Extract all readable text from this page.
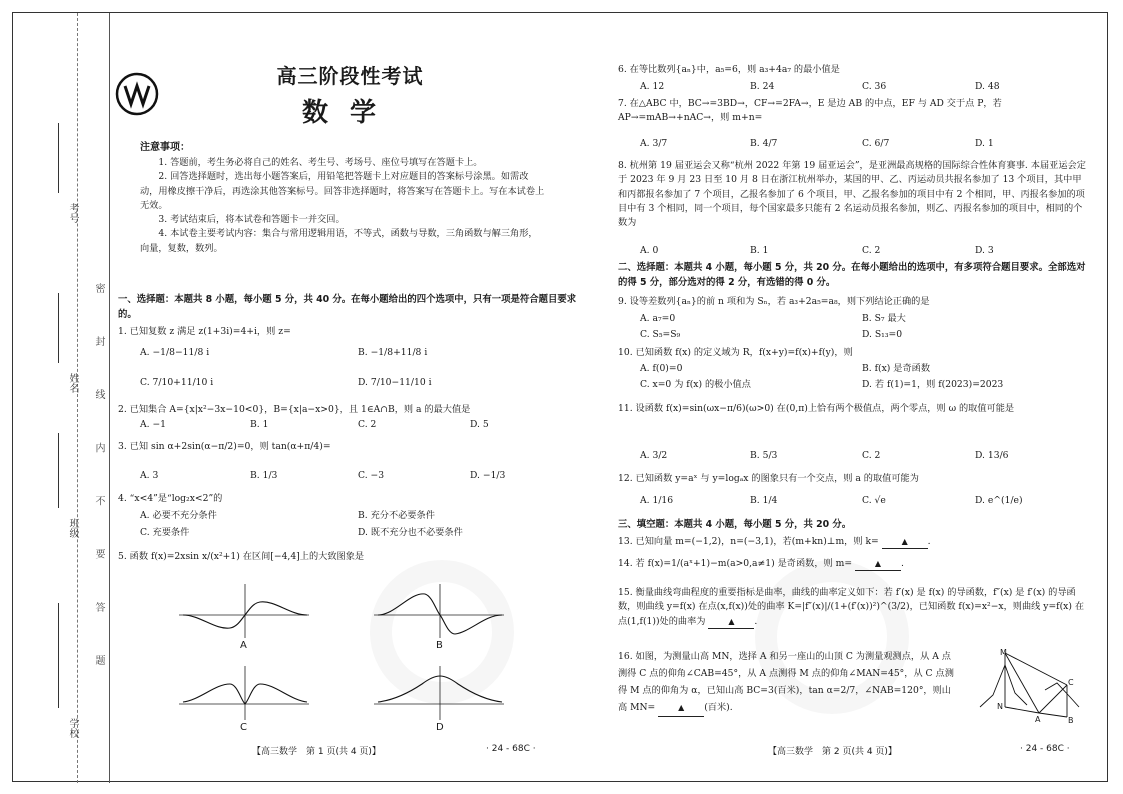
考号
姓名
班级
学校
密 封 线 内 不 要 答 题
高三阶段性考试
数学
注意事项：

1. 答题前，考生务必将自己的姓名、考生号、考场号、座位号填写在答题卡上。

2. 回答选择题时，选出每小题答案后，用铅笔把答题卡上对应题目的答案标号涂黑。如需改动，用橡皮擦干净后，再选涂其他答案标号。回答非选择题时，将答案写在答题卡上。写在本试卷上无效。

3. 考试结束后，将本试卷和答题卡一并交回。

4. 本试卷主要考试内容：集合与常用逻辑用语，不等式，函数与导数，三角函数与解三角形，向量，复数，数列。

一、选择题：本题共 8 小题，每小题 5 分，共 40 分。在每小题给出的四个选项中，只有一项是符合题目要求的。
1. 已知复数 z 满足 z(1+3i)=4+i，则 z=
A. −1/8−11/8 i	B. −1/8+11/8 i
C. 7/10+11/10 i	D. 7/10−11/10 i
2. 已知集合 A={x|x²−3x−10<0}，B={x|a−x>0}，且 1∈A∩B，则 a 的最大值是
A. −1	B. 1	C. 2	D. 5
3. 已知 sin α+2sin(α−π/2)=0，则 tan(α+π/4)=
A. 3	B. 1/3	C. −3	D. −1/3
4. “x<4”是“log₂x<2”的
A. 必要不充分条件	B. 充分不必要条件
C. 充要条件	D. 既不充分也不必要条件
5. 函数 f(x)=2xsin x/(x²+1) 在区间[−4,4]上的大致图象是
A	B
C	D
【高三数学　第 1 页(共 4 页)】	· 24 - 68C ·
6. 在等比数列{aₙ}中，a₅=6，则 a₃+4a₇ 的最小值是
A. 12	B. 24	C. 36	D. 48
7. 在△ABC 中，BC→=3BD→，CF→=2FA→，E 是边 AB 的中点，EF 与 AD 交于点 P，若 AP→=mAB→+nAC→，则 m+n=
A. 3/7	B. 4/7	C. 6/7	D. 1
8. 杭州第 19 届亚运会又称“杭州 2022 年第 19 届亚运会”，是亚洲最高规格的国际综合性体育赛事. 本届亚运会定于 2023 年 9 月 23 日至 10 月 8 日在浙江杭州举办，某国的甲、乙、丙运动员共报名参加了 13 个项目，其中甲和丙都报名参加了 7 个项目，乙报名参加了 6 个项目，甲、乙报名参加的项目中有 2 个相同，甲、丙报名参加的项目中有 3 个相同，同一个项目，每个国家最多只能有 2 名运动员报名参加，则乙、丙报名参加的项目中，相同的个数为
A. 0	B. 1	C. 2	D. 3
二、选择题：本题共 4 小题，每小题 5 分，共 20 分。在每小题给出的选项中，有多项符合题目要求。全部选对的得 5 分，部分选对的得 2 分，有选错的得 0 分。
9. 设等差数列{aₙ}的前 n 项和为 Sₙ，若 a₃+2a₅=a₈，则下列结论正确的是
A. a₇=0	B. S₇ 最大
C. S₅=S₉	D. S₁₃=0
10. 已知函数 f(x) 的定义域为 R，f(x+y)=f(x)+f(y)，则
A. f(0)=0	B. f(x) 是奇函数
C. x=0 为 f(x) 的极小值点	D. 若 f(1)=1，则 f(2023)=2023
11. 设函数 f(x)=sin(ωx−π/6)(ω>0) 在(0,π)上恰有两个极值点，两个零点，则 ω 的取值可能是
A. 3/2	B. 5/3	C. 2	D. 13/6
12. 已知函数 y=aˣ 与 y=logₐx 的图象只有一个交点，则 a 的取值可能为
A. 1/16	B. 1/4	C. √e	D. e^(1/e)
三、填空题：本题共 4 小题，每小题 5 分，共 20 分。
13. 已知向量 m=(−1,2)，n=(−3,1)，若(m+kn)⊥m，则 k=	▲ .
14. 若 f(x)=1/(aˣ+1)−m(a>0,a≠1) 是奇函数，则 m=	▲ .
15. 衡量曲线弯曲程度的重要指标是曲率，曲线的曲率定义如下：若 f′(x) 是 f(x) 的导函数，f″(x) 是 f′(x) 的导函数，则曲线 y=f(x) 在点(x,f(x))处的曲率 K=|f″(x)|/(1+(f′(x))²)^(3/2)，已知函数 f(x)=x²−x，则曲线 y=f(x) 在点(1,f(1))处的曲率为	▲ .
16. 如图，为测量山高 MN，选择 A 和另一座山的山顶 C 为测量观测点，从 A 点测得 C 点的仰角∠CAB=45°，从 A 点测得 M 点的仰角∠MAN=45°，从 C 点测得 M 点的仰角为 α，已知山高 BC=3(百米)，tan α=2/7，∠NAB=120°，则山高 MN=	▲ (百米).
M
C
N
A	B
【高三数学　第 2 页(共 4 页)】	· 24 - 68C ·
